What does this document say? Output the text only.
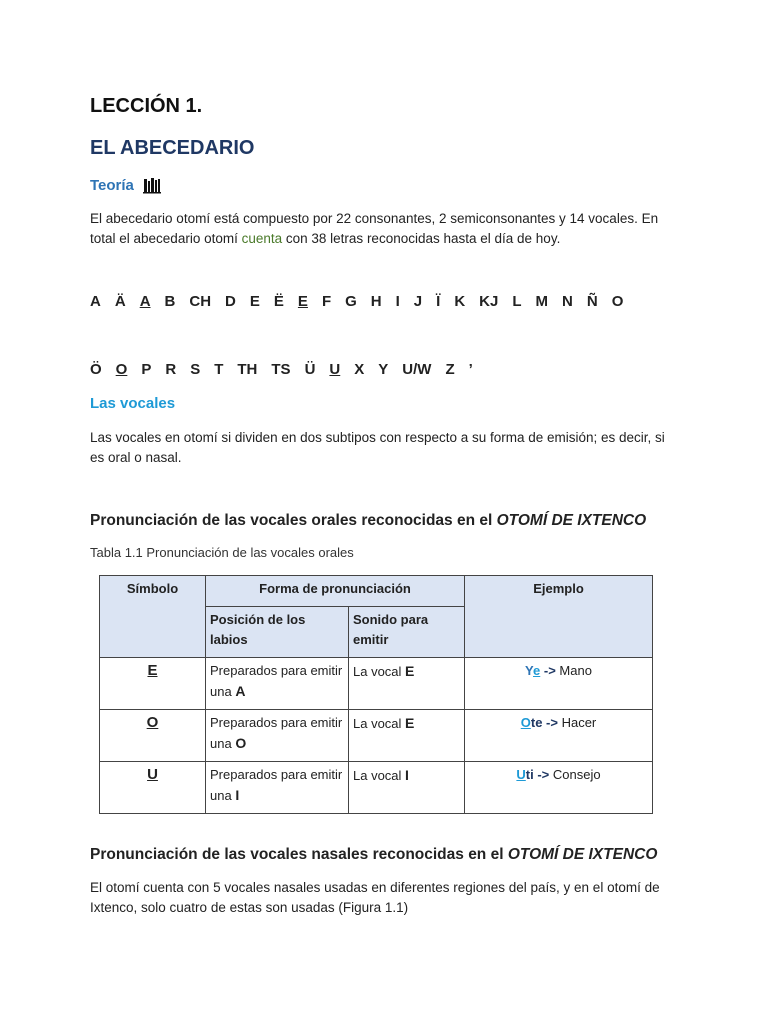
LECCIÓN 1.
EL ABECEDARIO
Teoría
El abecedario otomí está compuesto por 22 consonantes, 2 semiconsonantes y 14 vocales. En
total el abecedario otomí cuenta con 38 letras reconocidas hasta el día de hoy.
A Ä A B CH D E Ë E F G H I J Ï K KJ L M N Ñ O
Ö O P R S T TH TS Ü U X Y U/W Z ’
Las vocales
Las vocales en otomí si dividen en dos subtipos con respecto a su forma de emisión; es decir, si
es oral o nasal.
Pronunciación de las vocales orales reconocidas en el OTOMÍ DE IXTENCO
Tabla 1.1 Pronunciación de las vocales orales
Símbolo	Forma de pronunciación		Ejemplo
	Posición de los labios	Sonido para emitir	
E	Preparados para emitir una A	La vocal E	Ye -> Mano
O	Preparados para emitir una O	La vocal E	Ote -> Hacer
U	Preparados para emitir una I	La vocal I	Uti -> Consejo
Pronunciación de las vocales nasales reconocidas en el OTOMÍ DE IXTENCO
El otomí cuenta con 5 vocales nasales usadas en diferentes regiones del país, y en el otomí de
Ixtenco, solo cuatro de estas son usadas (Figura 1.1)
